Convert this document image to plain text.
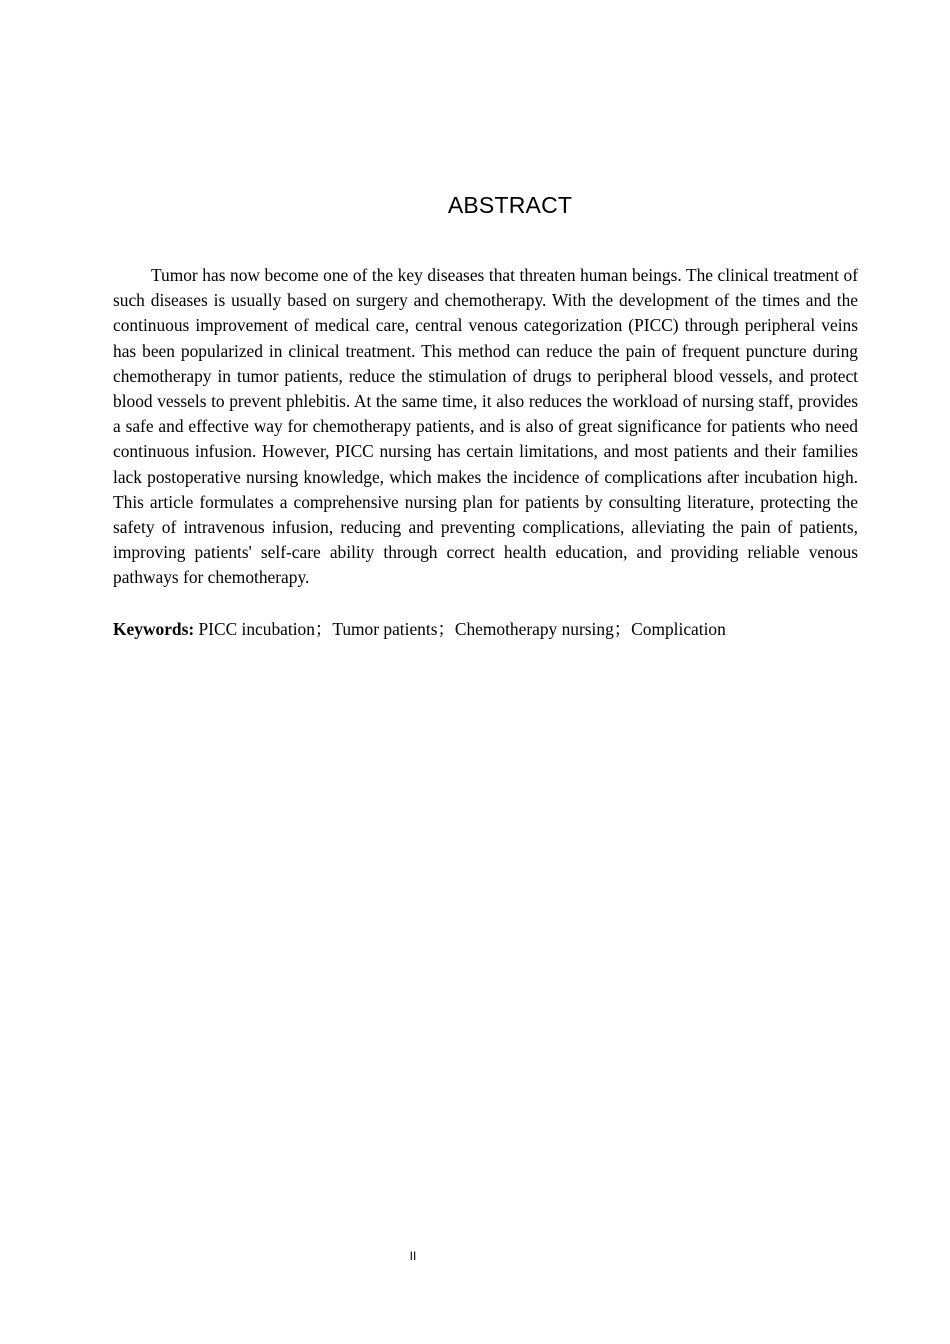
ABSTRACT

Tumor has now become one of the key diseases that threaten human beings. The clinical treatment of such diseases is usually based on surgery and chemotherapy. With the development of the times and the continuous improvement of medical care, central venous categorization (PICC) through peripheral veins has been popularized in clinical treatment. This method can reduce the pain of frequent puncture during chemotherapy in tumor patients, reduce the stimulation of drugs to peripheral blood vessels, and protect blood vessels to prevent phlebitis. At the same time, it also reduces the workload of nursing staff, provides a safe and effective way for chemotherapy patients, and is also of great significance for patients who need continuous infusion. However, PICC nursing has certain limitations, and most patients and their families lack postoperative nursing knowledge, which makes the incidence of complications after incubation high. This article formulates a comprehensive nursing plan for patients by consulting literature, protecting the safety of intravenous infusion, reducing and preventing complications, alleviating the pain of patients, improving patients' self-care ability through correct health education, and providing reliable venous pathways for chemotherapy.

Keywords: PICC incubation；Tumor patients；Chemotherapy nursing；Complication

II
